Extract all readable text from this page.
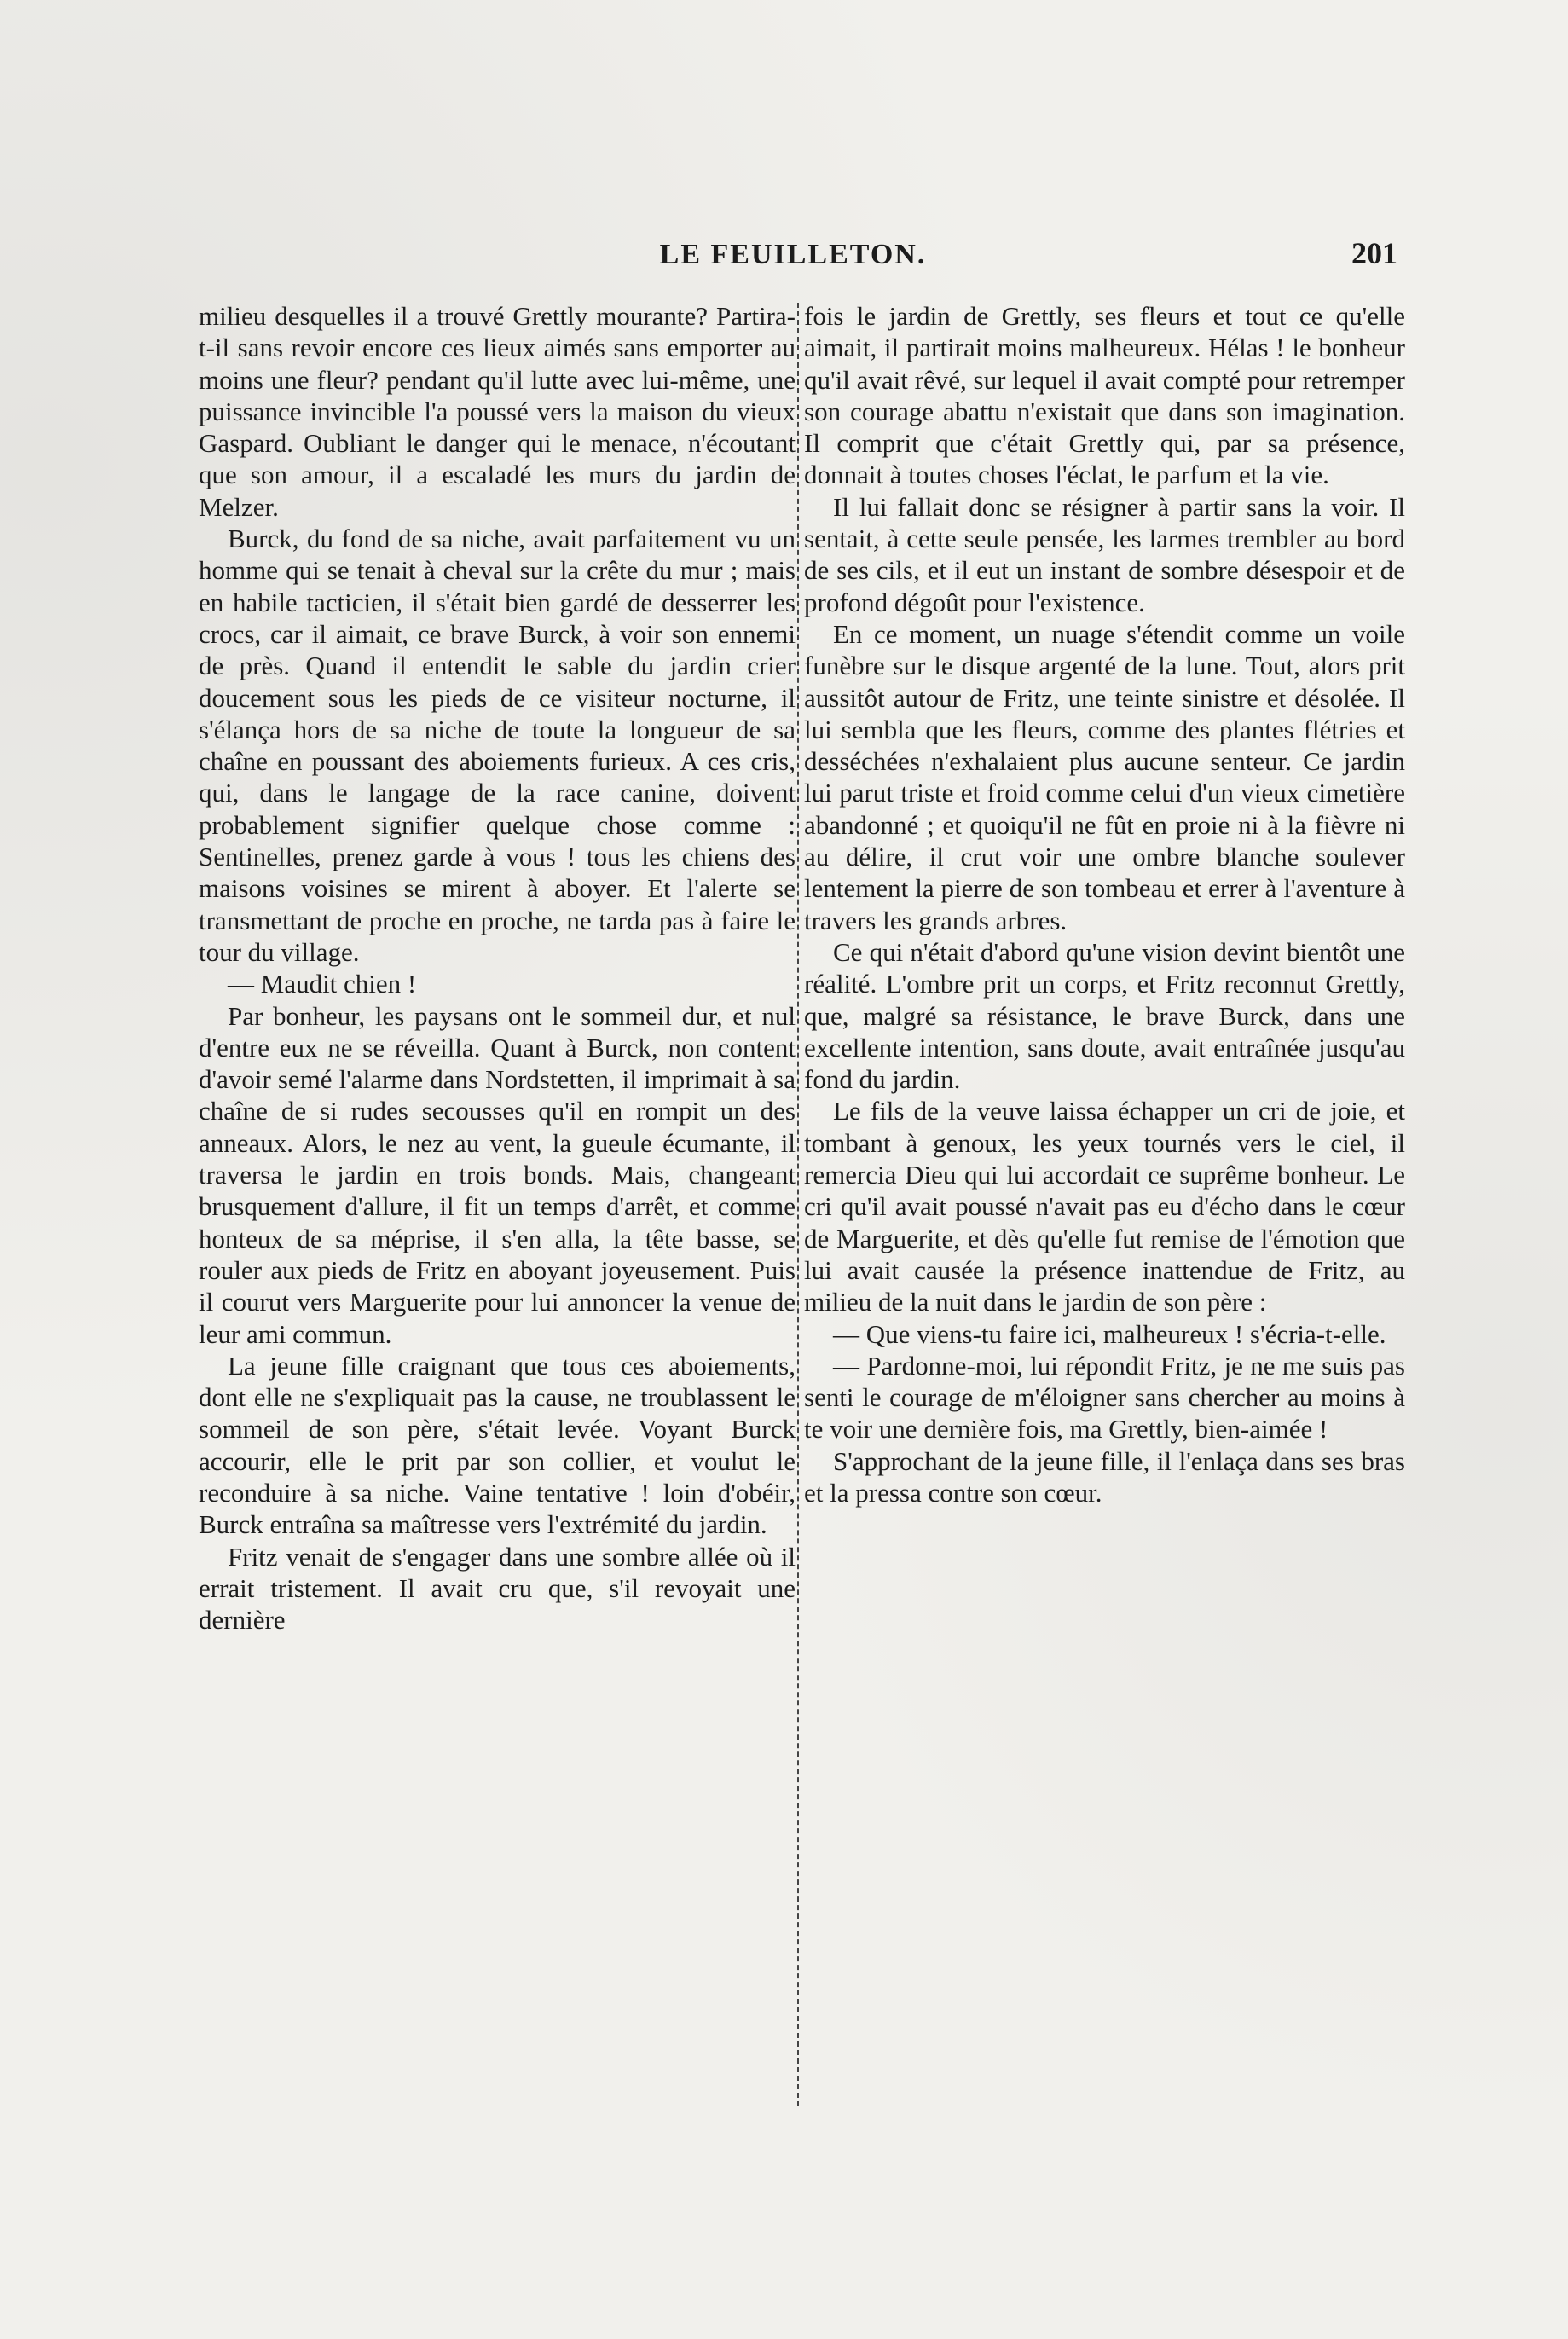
LE FEUILLETON.	201

milieu desquelles il a trouvé Grettly mourante? Partira-t-il sans revoir encore ces lieux aimés sans emporter au moins une fleur? pendant qu'il lutte avec lui-même, une puissance invincible l'a poussé vers la maison du vieux Gaspard. Oubliant le danger qui le menace, n'écoutant que son amour, il a escaladé les murs du jardin de Melzer.

Burck, du fond de sa niche, avait parfaitement vu un homme qui se tenait à cheval sur la crête du mur ; mais en habile tacticien, il s'était bien gardé de desserrer les crocs, car il aimait, ce brave Burck, à voir son ennemi de près. Quand il entendit le sable du jardin crier doucement sous les pieds de ce visiteur nocturne, il s'élança hors de sa niche de toute la longueur de sa chaîne en poussant des aboiements furieux. A ces cris, qui, dans le langage de la race canine, doivent probablement signifier quelque chose comme : Sentinelles, prenez garde à vous ! tous les chiens des maisons voisines se mirent à aboyer. Et l'alerte se transmettant de proche en proche, ne tarda pas à faire le tour du village.

— Maudit chien !

Par bonheur, les paysans ont le sommeil dur, et nul d'entre eux ne se réveilla. Quant à Burck, non content d'avoir semé l'alarme dans Nordstetten, il imprimait à sa chaîne de si rudes secousses qu'il en rompit un des anneaux. Alors, le nez au vent, la gueule écumante, il traversa le jardin en trois bonds. Mais, changeant brusquement d'allure, il fit un temps d'arrêt, et comme honteux de sa méprise, il s'en alla, la tête basse, se rouler aux pieds de Fritz en aboyant joyeusement. Puis il courut vers Marguerite pour lui annoncer la venue de leur ami commun.

La jeune fille craignant que tous ces aboiements, dont elle ne s'expliquait pas la cause, ne troublassent le sommeil de son père, s'était levée. Voyant Burck accourir, elle le prit par son collier, et voulut le reconduire à sa niche. Vaine tentative ! loin d'obéir, Burck entraîna sa maîtresse vers l'extrémité du jardin.

Fritz venait de s'engager dans une sombre allée où il errait tristement. Il avait cru que, s'il revoyait une dernière

fois le jardin de Grettly, ses fleurs et tout ce qu'elle aimait, il partirait moins malheureux. Hélas ! le bonheur qu'il avait rêvé, sur lequel il avait compté pour retremper son courage abattu n'existait que dans son imagination. Il comprit que c'était Grettly qui, par sa présence, donnait à toutes choses l'éclat, le parfum et la vie.

Il lui fallait donc se résigner à partir sans la voir. Il sentait, à cette seule pensée, les larmes trembler au bord de ses cils, et il eut un instant de sombre désespoir et de profond dégoût pour l'existence.

En ce moment, un nuage s'étendit comme un voile funèbre sur le disque argenté de la lune. Tout, alors prit aussitôt autour de Fritz, une teinte sinistre et désolée. Il lui sembla que les fleurs, comme des plantes flétries et desséchées n'exhalaient plus aucune senteur. Ce jardin lui parut triste et froid comme celui d'un vieux cimetière abandonné ; et quoiqu'il ne fût en proie ni à la fièvre ni au délire, il crut voir une ombre blanche soulever lentement la pierre de son tombeau et errer à l'aventure à travers les grands arbres.

Ce qui n'était d'abord qu'une vision devint bientôt une réalité. L'ombre prit un corps, et Fritz reconnut Grettly, que, malgré sa résistance, le brave Burck, dans une excellente intention, sans doute, avait entraînée jusqu'au fond du jardin.

Le fils de la veuve laissa échapper un cri de joie, et tombant à genoux, les yeux tournés vers le ciel, il remercia Dieu qui lui accordait ce suprême bonheur. Le cri qu'il avait poussé n'avait pas eu d'écho dans le cœur de Marguerite, et dès qu'elle fut remise de l'émotion que lui avait causée la présence inattendue de Fritz, au milieu de la nuit dans le jardin de son père :

— Que viens-tu faire ici, malheureux ! s'écria-t-elle.

— Pardonne-moi, lui répondit Fritz, je ne me suis pas senti le courage de m'éloigner sans chercher au moins à te voir une dernière fois, ma Grettly, bien-aimée !

S'approchant de la jeune fille, il l'enlaça dans ses bras et la pressa contre son cœur.
